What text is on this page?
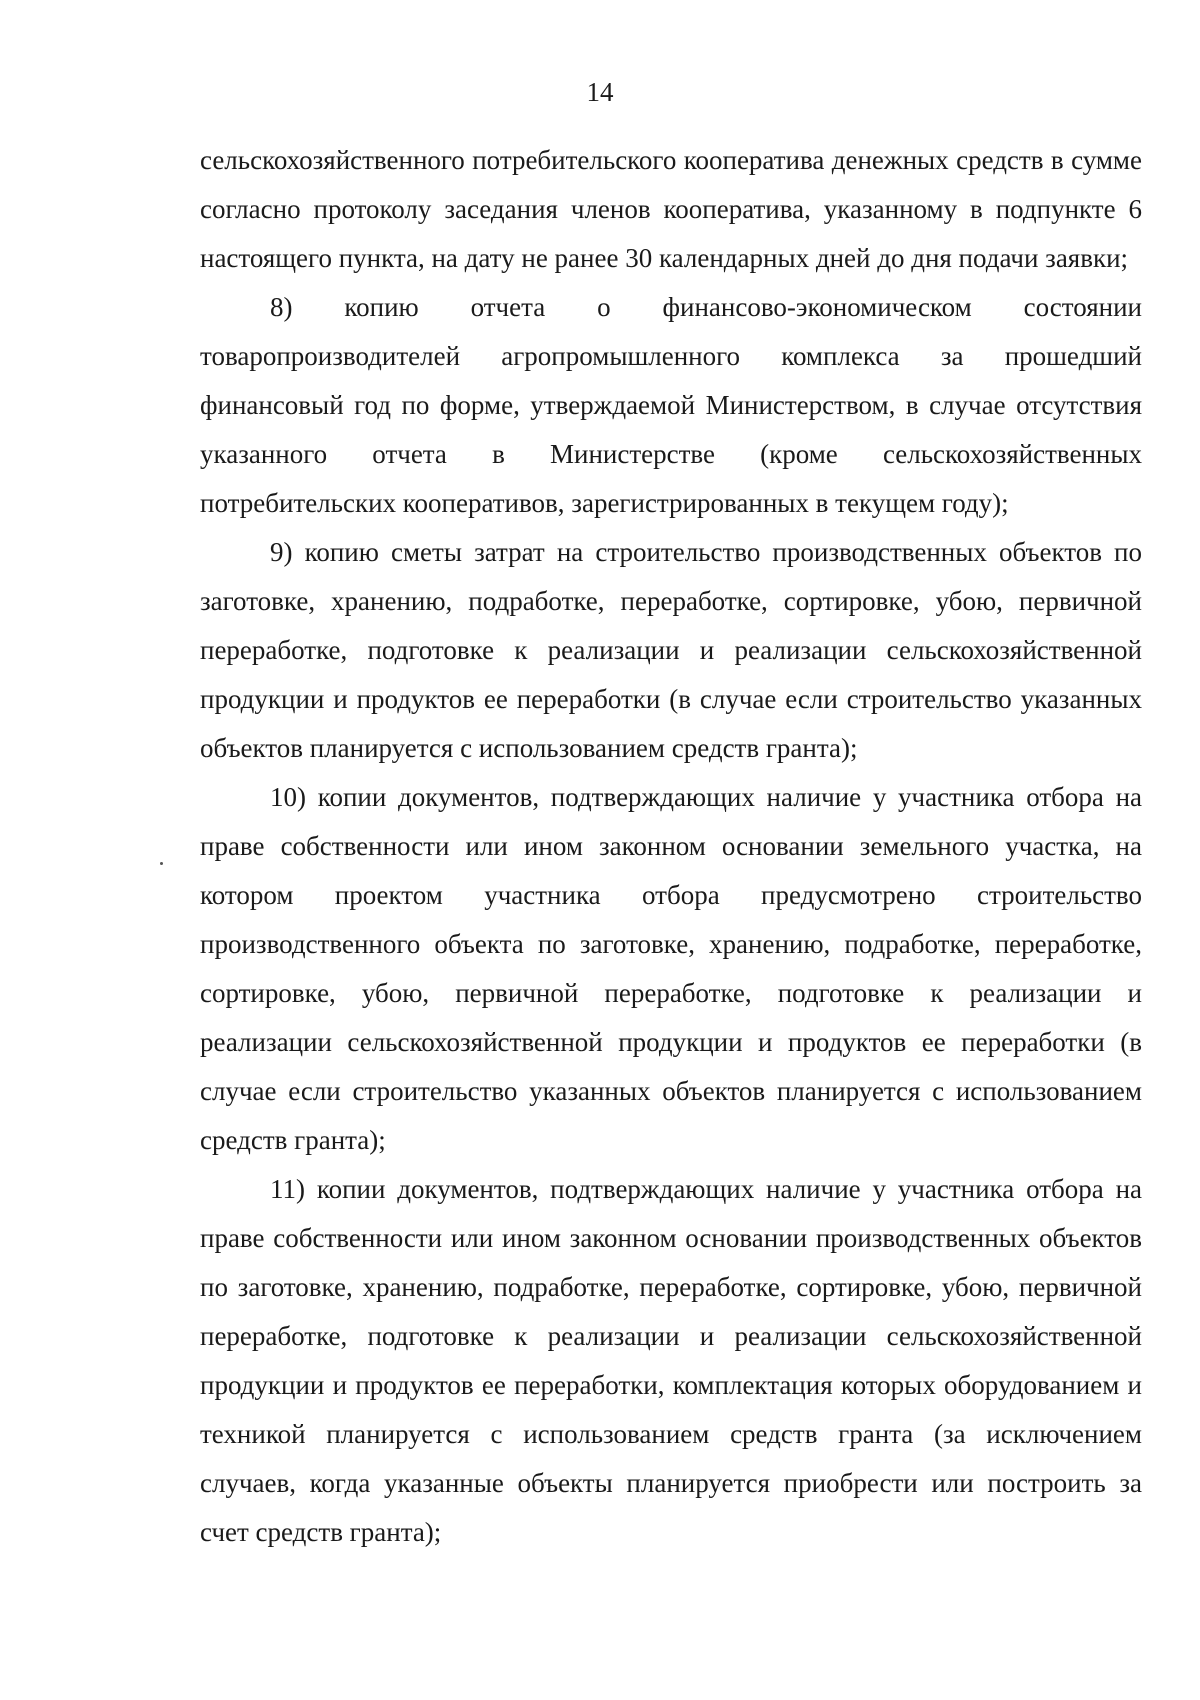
14

сельскохозяйственного потребительского кооператива денежных средств в сумме согласно протоколу заседания членов кооператива, указанному в подпункте 6 настоящего пункта, на дату не ранее 30 календарных дней до дня подачи заявки;

8) копию отчета о финансово-экономическом состоянии товаропроизводителей агропромышленного комплекса за прошедший финансовый год по форме, утверждаемой Министерством, в случае отсутствия указанного отчета в Министерстве (кроме сельскохозяйственных потребительских кооперативов, зарегистрированных в текущем году);

9) копию сметы затрат на строительство производственных объектов по заготовке, хранению, подработке, переработке, сортировке, убою, первичной переработке, подготовке к реализации и реализации сельскохозяйственной продукции и продуктов ее переработки (в случае если строительство указанных объектов планируется с использованием средств гранта);

10) копии документов, подтверждающих наличие у участника отбора на праве собственности или ином законном основании земельного участка, на котором проектом участника отбора предусмотрено строительство производственного объекта по заготовке, хранению, подработке, переработке, сортировке, убою, первичной переработке, подготовке к реализации и реализации сельскохозяйственной продукции и продуктов ее переработки (в случае если строительство указанных объектов планируется с использованием средств гранта);

11) копии документов, подтверждающих наличие у участника отбора на праве собственности или ином законном основании производственных объектов по заготовке, хранению, подработке, переработке, сортировке, убою, первичной переработке, подготовке к реализации и реализации сельскохозяйственной продукции и продуктов ее переработки, комплектация которых оборудованием и техникой планируется с использованием средств гранта (за исключением случаев, когда указанные объекты планируется приобрести или построить за счет средств гранта);
